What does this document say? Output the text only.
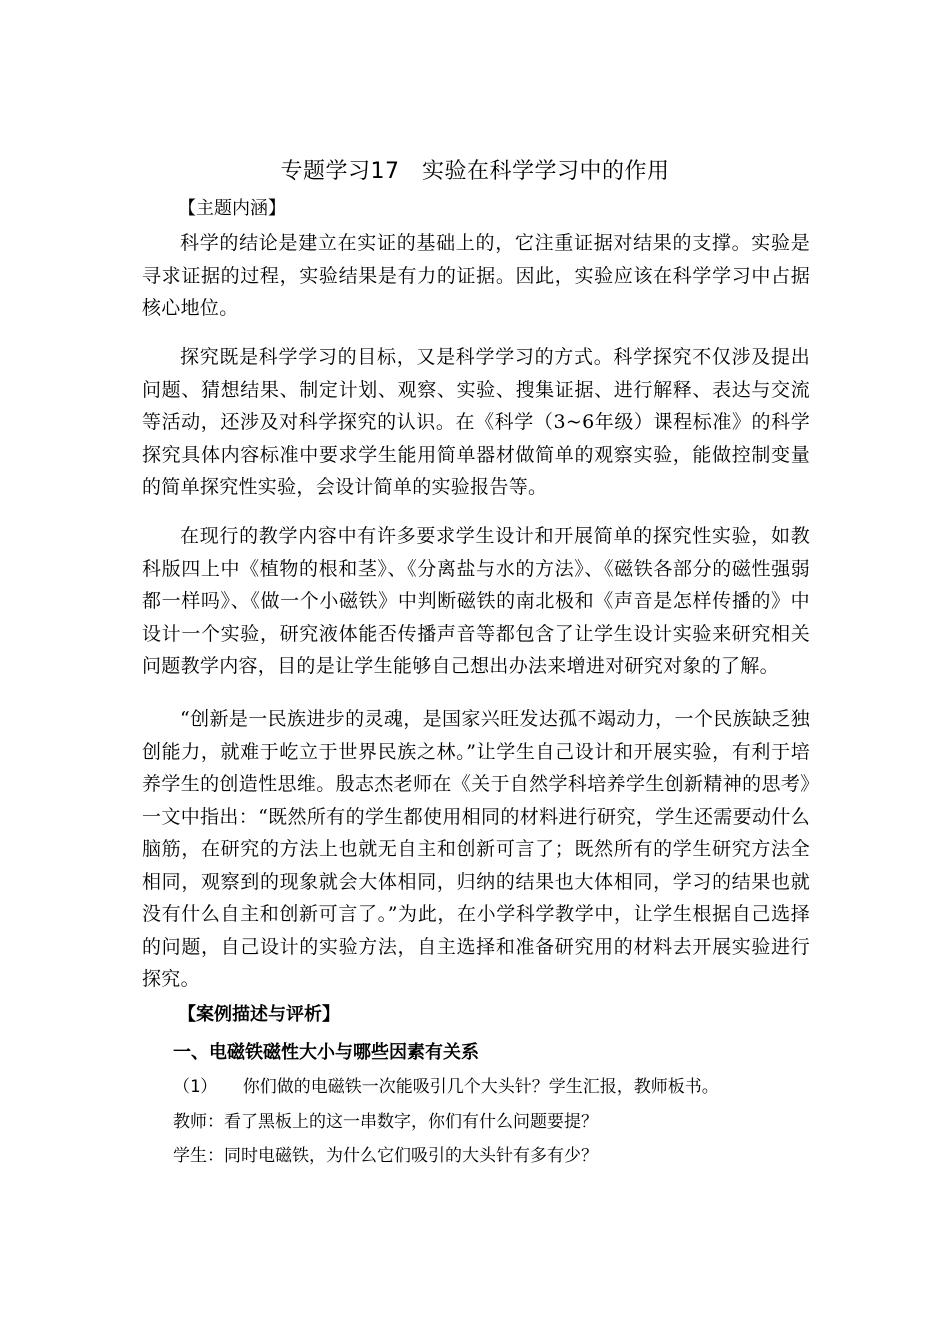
专题学习17　实验在科学学习中的作用
【主题内涵】
科学的结论是建立在实证的基础上的，它注重证据对结果的支撑。实验是寻求证据的过程，实验结果是有力的证据。因此，实验应该在科学学习中占据核心地位。
探究既是科学学习的目标，又是科学学习的方式。科学探究不仅涉及提出问题、猜想结果、制定计划、观察、实验、搜集证据、进行解释、表达与交流等活动，还涉及对科学探究的认识。在《科学（3~6年级）课程标准》的科学探究具体内容标准中要求学生能用简单器材做简单的观察实验，能做控制变量的简单探究性实验，会设计简单的实验报告等。
在现行的教学内容中有许多要求学生设计和开展简单的探究性实验，如教科版四上中《植物的根和茎》、《分离盐与水的方法》、《磁铁各部分的磁性强弱都一样吗》、《做一个小磁铁》中判断磁铁的南北极和《声音是怎样传播的》中设计一个实验，研究液体能否传播声音等都包含了让学生设计实验来研究相关问题教学内容，目的是让学生能够自己想出办法来增进对研究对象的了解。
“创新是一民族进步的灵魂，是国家兴旺发达孤不竭动力，一个民族缺乏独创能力，就难于屹立于世界民族之林。”让学生自己设计和开展实验，有利于培养学生的创造性思维。殷志杰老师在《关于自然学科培养学生创新精神的思考》一文中指出：“既然所有的学生都使用相同的材料进行研究，学生还需要动什么脑筋，在研究的方法上也就无自主和创新可言了；既然所有的学生研究方法全相同，观察到的现象就会大体相同，归纳的结果也大体相同，学习的结果也就没有什么自主和创新可言了。”为此，在小学科学教学中，让学生根据自己选择的问题，自己设计的实验方法，自主选择和准备研究用的材料去开展实验进行探究。
【案例描述与评析】
一、电磁铁磁性大小与哪些因素有关系
（1）　　你们做的电磁铁一次能吸引几个大头针？学生汇报，教师板书。
教师：看了黑板上的这一串数字，你们有什么问题要提？
学生：同时电磁铁，为什么它们吸引的大头针有多有少？
